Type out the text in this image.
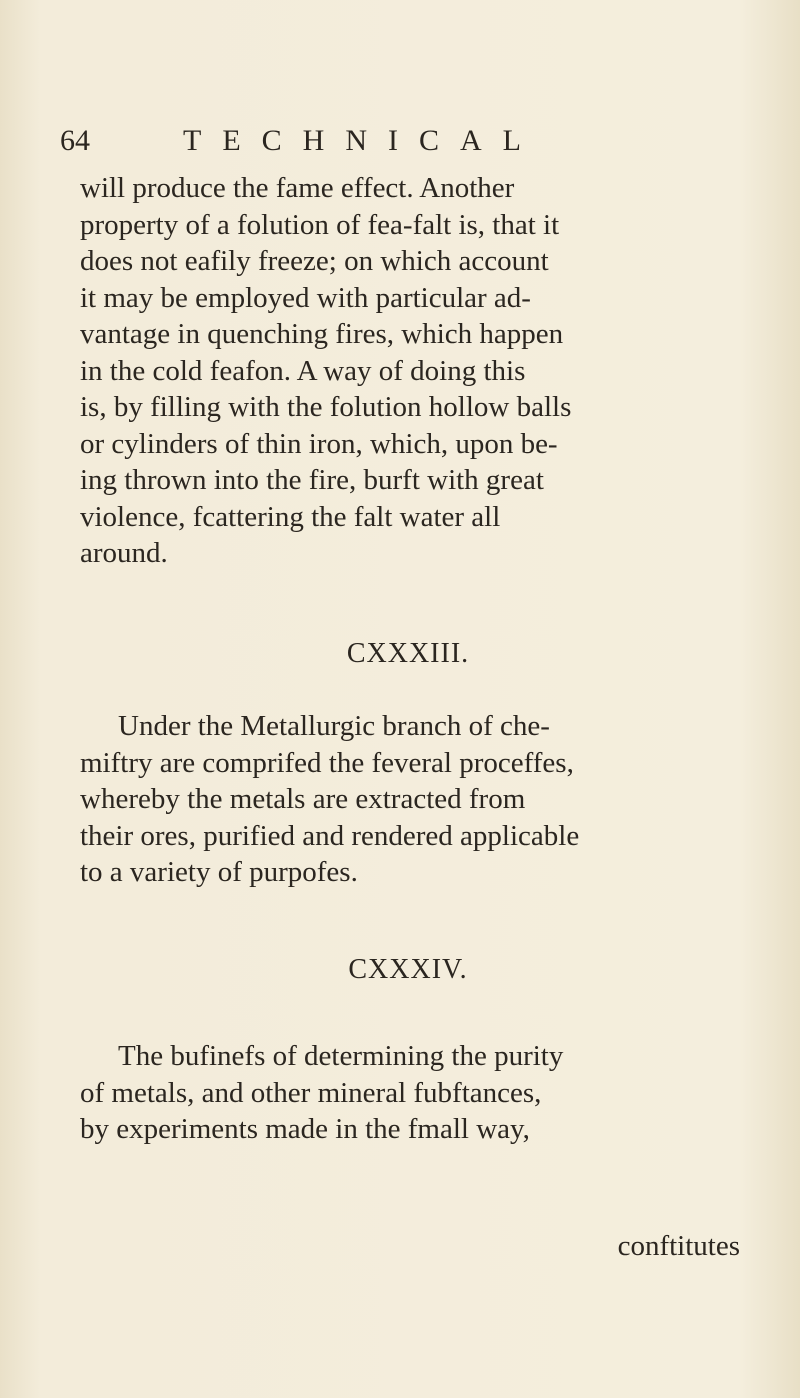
64	TECHNICAL

will produce the fame effect. Another
property of a folution of fea-falt is, that it
does not eafily freeze; on which account
it may be employed with particular ad-
vantage in quenching fires, which happen
in the cold feafon. A way of doing this
is, by filling with the folution hollow balls
or cylinders of thin iron, which, upon be-
ing thrown into the fire, burft with great
violence, fcattering the falt water all
around.

CXXXIII.

Under the Metallurgic branch of che-
miftry are comprifed the feveral proceffes,
whereby the metals are extracted from
their ores, purified and rendered applicable
to a variety of purpofes.

CXXXIV.

The bufinefs of determining the purity
of metals, and other mineral fubftances,
by experiments made in the fmall way,

conftitutes
